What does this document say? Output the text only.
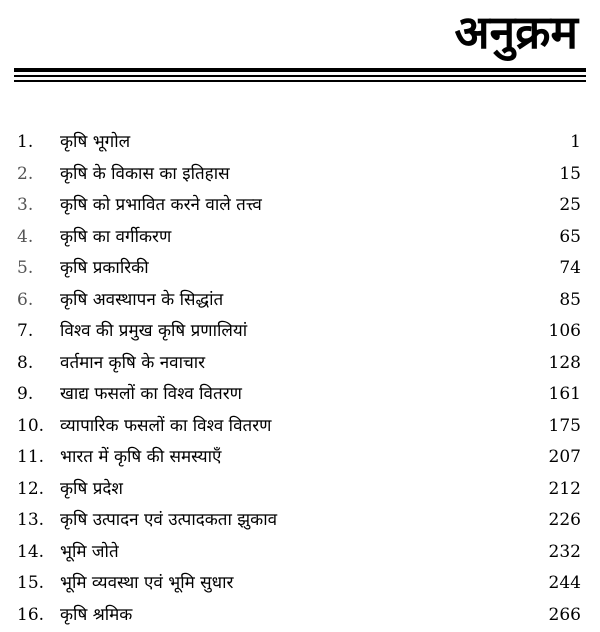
अनुक्रम
1. कृषि भूगोल	1
2. कृषि के विकास का इतिहास	15
3. कृषि को प्रभावित करने वाले तत्त्व	25
4. कृषि का वर्गीकरण	65
5. कृषि प्रकारिकी	74
6. कृषि अवस्थापन के सिद्धांत	85
7. विश्व की प्रमुख कृषि प्रणालियां	106
8. वर्तमान कृषि के नवाचार	128
9. खाद्य फसलों का विश्व वितरण	161
10. व्यापारिक फसलों का विश्व वितरण	175
11. भारत में कृषि की समस्याएँ	207
12. कृषि प्रदेश	212
13. कृषि उत्पादन एवं उत्पादकता झुकाव	226
14. भूमि जोते	232
15. भूमि व्यवस्था एवं भूमि सुधार	244
16. कृषि श्रमिक	266
